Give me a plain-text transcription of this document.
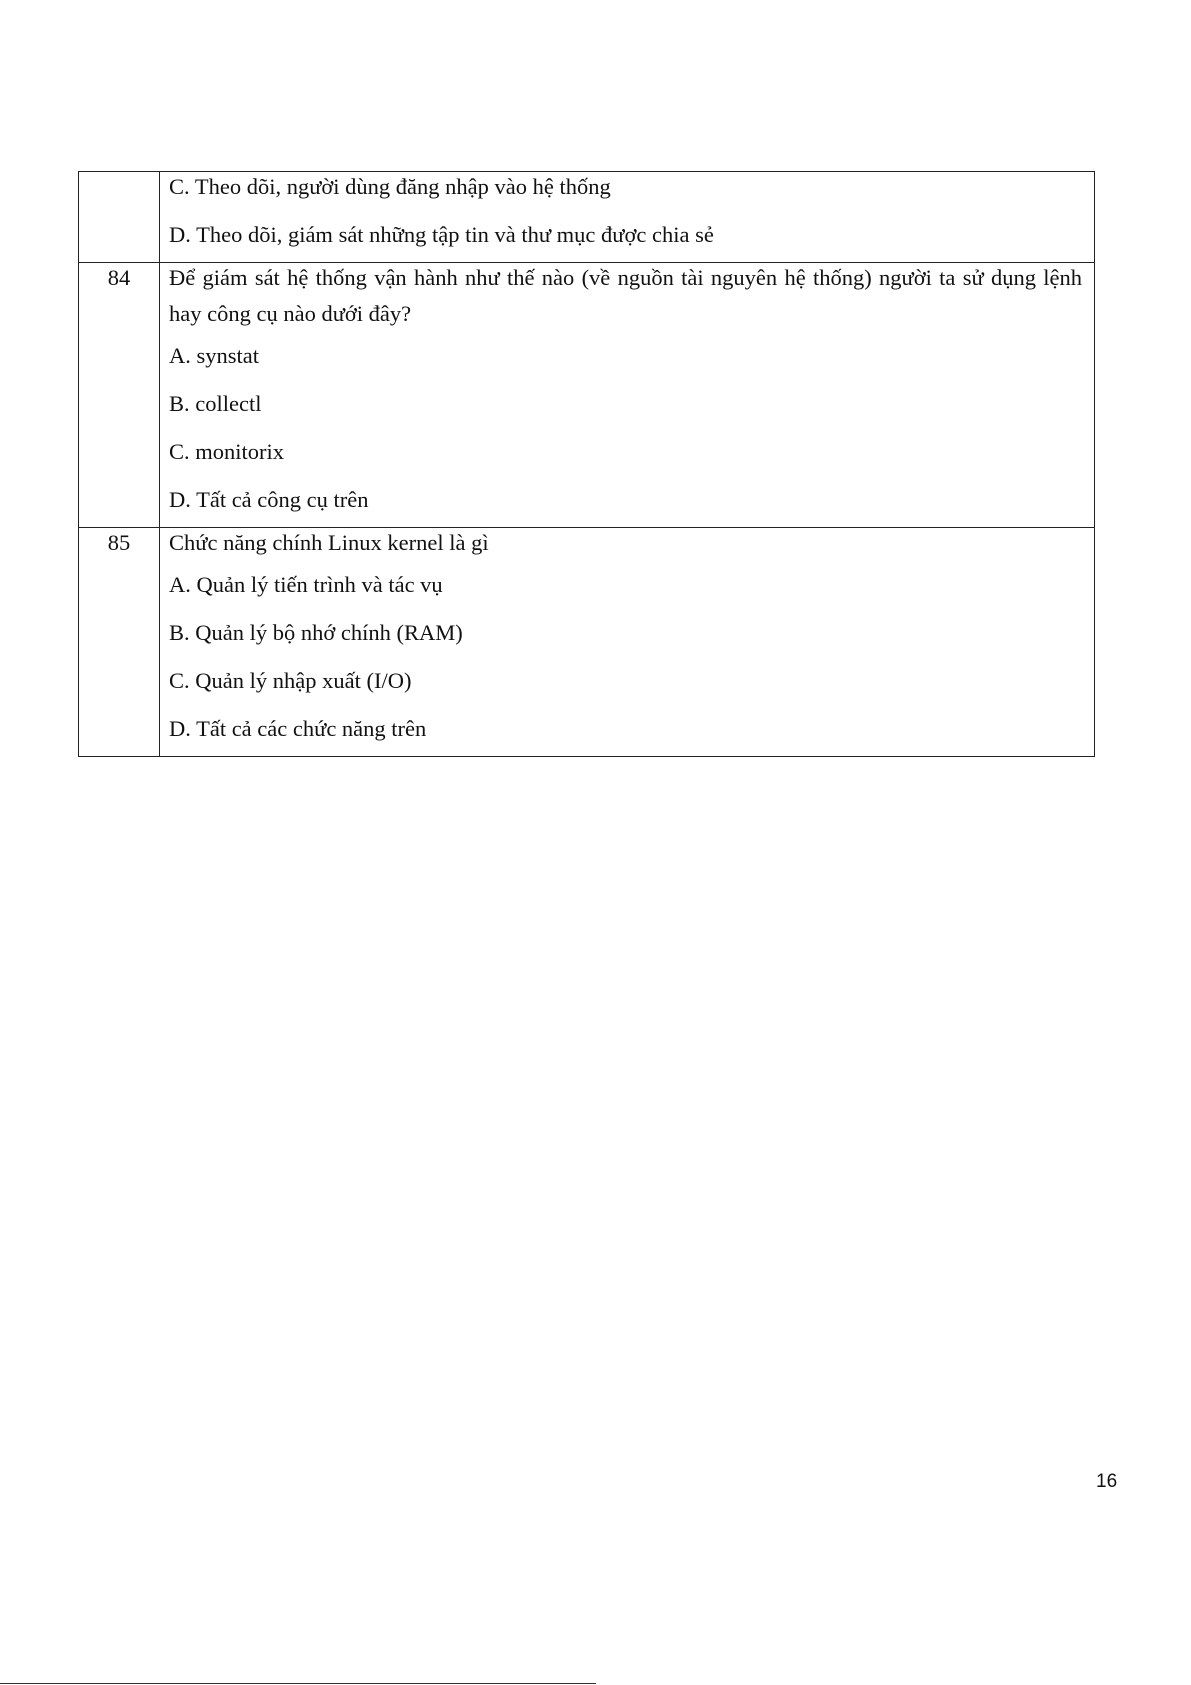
	C. Theo dõi, người dùng đăng nhập vào hệ thống
D. Theo dõi, giám sát những tập tin và thư mục được chia sẻ

84	Để giám sát hệ thống vận hành như thế nào (về nguồn tài nguyên hệ thống) người ta sử dụng lệnh hay công cụ nào dưới đây?
A. synstat
B. collectl
C. monitorix
D. Tất cả công cụ trên

85	Chức năng chính Linux kernel là gì
A. Quản lý tiến trình và tác vụ
B. Quản lý bộ nhớ chính (RAM)
C. Quản lý nhập xuất (I/O)
D. Tất cả các chức năng trên
16
